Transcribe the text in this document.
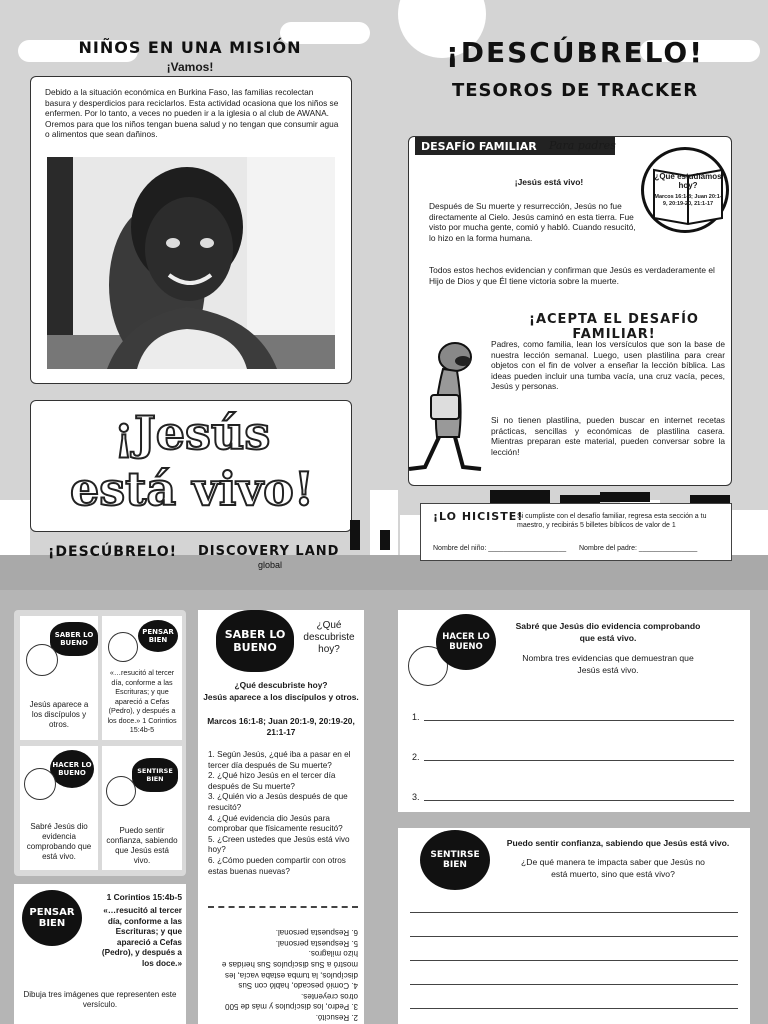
NIÑOS EN UNA MISIÓN
¡Vamos!
Debido a la situación económica en Burkina Faso, las familias recolectan basura y desperdicios para reciclarlos. Esta actividad ocasiona que los niños se enfermen. Por lo tanto, a veces no pueden ir a la iglesia o al club de AWANA. Oremos para que los niños tengan buena salud y no tengan que consumir agua o alimentos que sean dañinos.
¡Jesús
está vivo!
¡DESCÚBRELO! DISCOVERY LAND
global
¡DESCÚBRELO!
TESOROS DE TRACKER
DESAFÍO FAMILIAR	Para padres
¿Qué estudiamos hoy?
Marcos 16:1-8; Juan 20:1-9, 20:19-20, 21:1-17
¡Jesús está vivo!
Después de Su muerte y resurrección, Jesús no fue directamente al Cielo. Jesús caminó en esta tierra. Fue visto por mucha gente, comió y habló. Cuando resucitó, lo hizo en la forma humana.
Todos estos hechos evidencian y confirman que Jesús es verdaderamente el Hijo de Dios y que Él tiene victoria sobre la muerte.
¡ACEPTA EL DESAFÍO FAMILIAR!
Padres, como familia, lean los versículos que son la base de nuestra lección semanal. Luego, usen plastilina para crear objetos con el fin de volver a enseñar la lección bíblica. Las ideas pueden incluir una tumba vacía, una cruz vacía, peces, Jesús y personas.
Si no tienen plastilina, pueden buscar en internet recetas prácticas, sencillas y económicas de plastilina casera. Mientras preparan este material, pueden conversar sobre la lección!
¡LO HICISTE!
Si cumpliste con el desafío familiar, regresa esta sección a tu maestro, y recibirás 5 billetes bíblicos de valor de 1
Nombre del niño: ____________________	Nombre del padre: _______________
SABER LO BUENO
Jesús aparece a los discípulos y otros.
PENSAR BIEN
«…resucitó al tercer día, conforme a las Escrituras; y que apareció a Cefas (Pedro), y después a los doce.» 1 Corintios 15:4b-5
HACER LO BUENO
Sabré Jesús dio evidencia comprobando que está vivo.
SENTIRSE BIEN
Puedo sentir confianza, sabiendo que Jesús está vivo.
PENSAR BIEN
1 Corintios 15:4b-5
«…resucitó al tercer día, conforme a las Escrituras; y que apareció a Cefas (Pedro), y después a los doce.»
Dibuja tres imágenes que representen este versículo.
SABER LO BUENO
¿Qué descubriste hoy?
¿Qué descubriste hoy?
Jesús aparece a los discípulos y otros.
Marcos 16:1-8; Juan 20:1-9, 20:19-20, 21:1-17
1. Según Jesús, ¿qué iba a pasar en el tercer día después de Su muerte?
2. ¿Qué hizo Jesús en el tercer día después de Su muerte?
3. ¿Quién vio a Jesús después de que resucitó?
4. ¿Qué evidencia dio Jesús para comprobar que físicamente resucitó?
5. ¿Creen ustedes que Jesús está vivo hoy?
6. ¿Cómo pueden compartir con otros estas buenas nuevas?
2. Resucitó.
3. Pedro, los discípulos y más de 500
otros creyentes.
4. Comió pescado, habló con Sus
discípulos, la tumba estaba vacía, les
mostró a Sus discípulos Sus heridas e
hizo milagros.
5. Respuesta personal.
6. Respuesta personal.
HACER LO BUENO
Sabré que Jesús dio evidencia comprobando que está vivo.
Nombra tres evidencias que demuestran que Jesús está vivo.
1.
2.
3.
SENTIRSE BIEN
Puedo sentir confianza, sabiendo que Jesús está vivo.
¿De qué manera te impacta saber que Jesús no está muerto, sino que está vivo?
